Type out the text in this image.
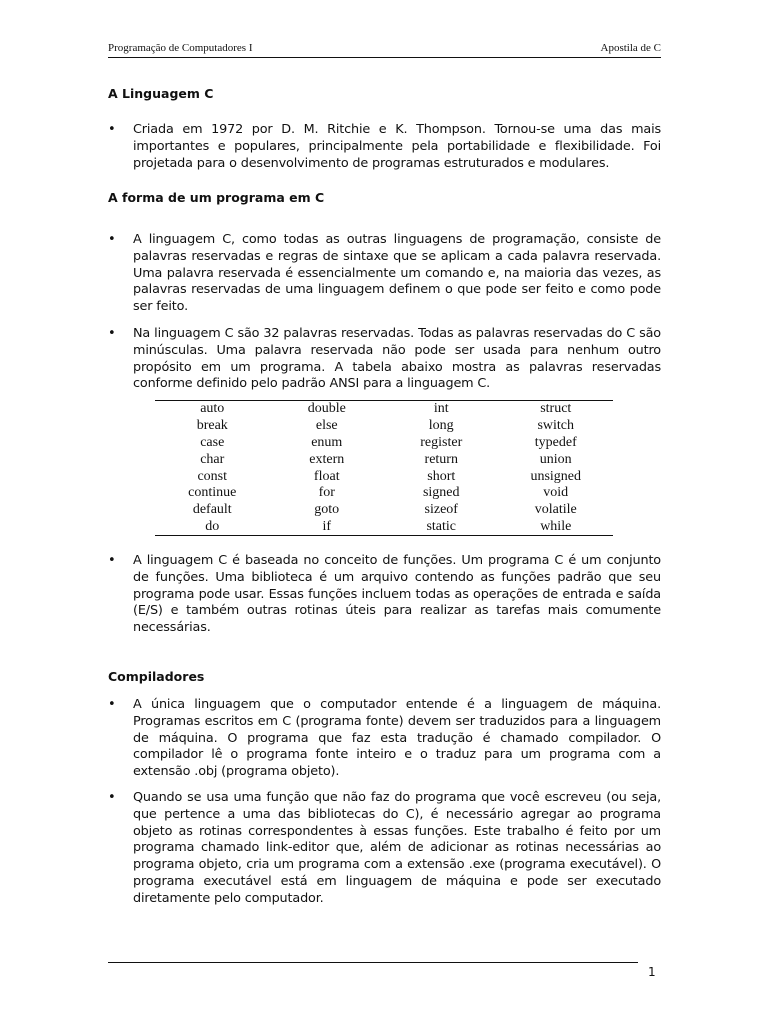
Programação de Computadores I	Apostila de C
A Linguagem C
•	Criada em 1972 por D. M. Ritchie e K. Thompson. Tornou-se uma das mais importantes e populares, principalmente pela portabilidade e flexibilidade. Foi projetada para o desenvolvimento de programas estruturados e modulares.

A forma de um programa em C
•	A linguagem C, como todas as outras linguagens de programação, consiste de palavras reservadas e regras de sintaxe que se aplicam a cada palavra reservada. Uma palavra reservada é essencialmente um comando e, na maioria das vezes, as palavras reservadas de uma linguagem definem o que pode ser feito e como pode ser feito.

•	Na linguagem C são 32 palavras reservadas. Todas as palavras reservadas do C são minúsculas. Uma palavra reservada não pode ser usada para nenhum outro propósito em um programa. A tabela abaixo mostra as palavras reservadas conforme definido pelo padrão ANSI para a linguagem C.

auto	double	int	struct
break	else	long	switch
case	enum	register	typedef
char	extern	return	union
const	float	short	unsigned
continue	for	signed	void
default	goto	sizeof	volatile
do	if	static	while
•	A linguagem C é baseada no conceito de funções. Um programa C é um conjunto de funções. Uma biblioteca é um arquivo contendo as funções padrão que seu programa pode usar. Essas funções incluem todas as operações de entrada e saída (E/S) e também outras rotinas úteis para realizar as tarefas mais comumente necessárias.

Compiladores
•	A única linguagem que o computador entende é a linguagem de máquina. Programas escritos em C (programa fonte) devem ser traduzidos para a linguagem de máquina. O programa que faz esta tradução é chamado compilador. O compilador lê o programa fonte inteiro e o traduz para um programa com a extensão .obj (programa objeto).

•	Quando se usa uma função que não faz do programa que você escreveu (ou seja, que pertence a uma das bibliotecas do C), é necessário agregar ao programa objeto as rotinas correspondentes à essas funções. Este trabalho é feito por um programa chamado link-editor que, além de adicionar as rotinas necessárias ao programa objeto, cria um programa com a extensão .exe (programa executável). O programa executável está em linguagem de máquina e pode ser executado diretamente pelo computador.

1
